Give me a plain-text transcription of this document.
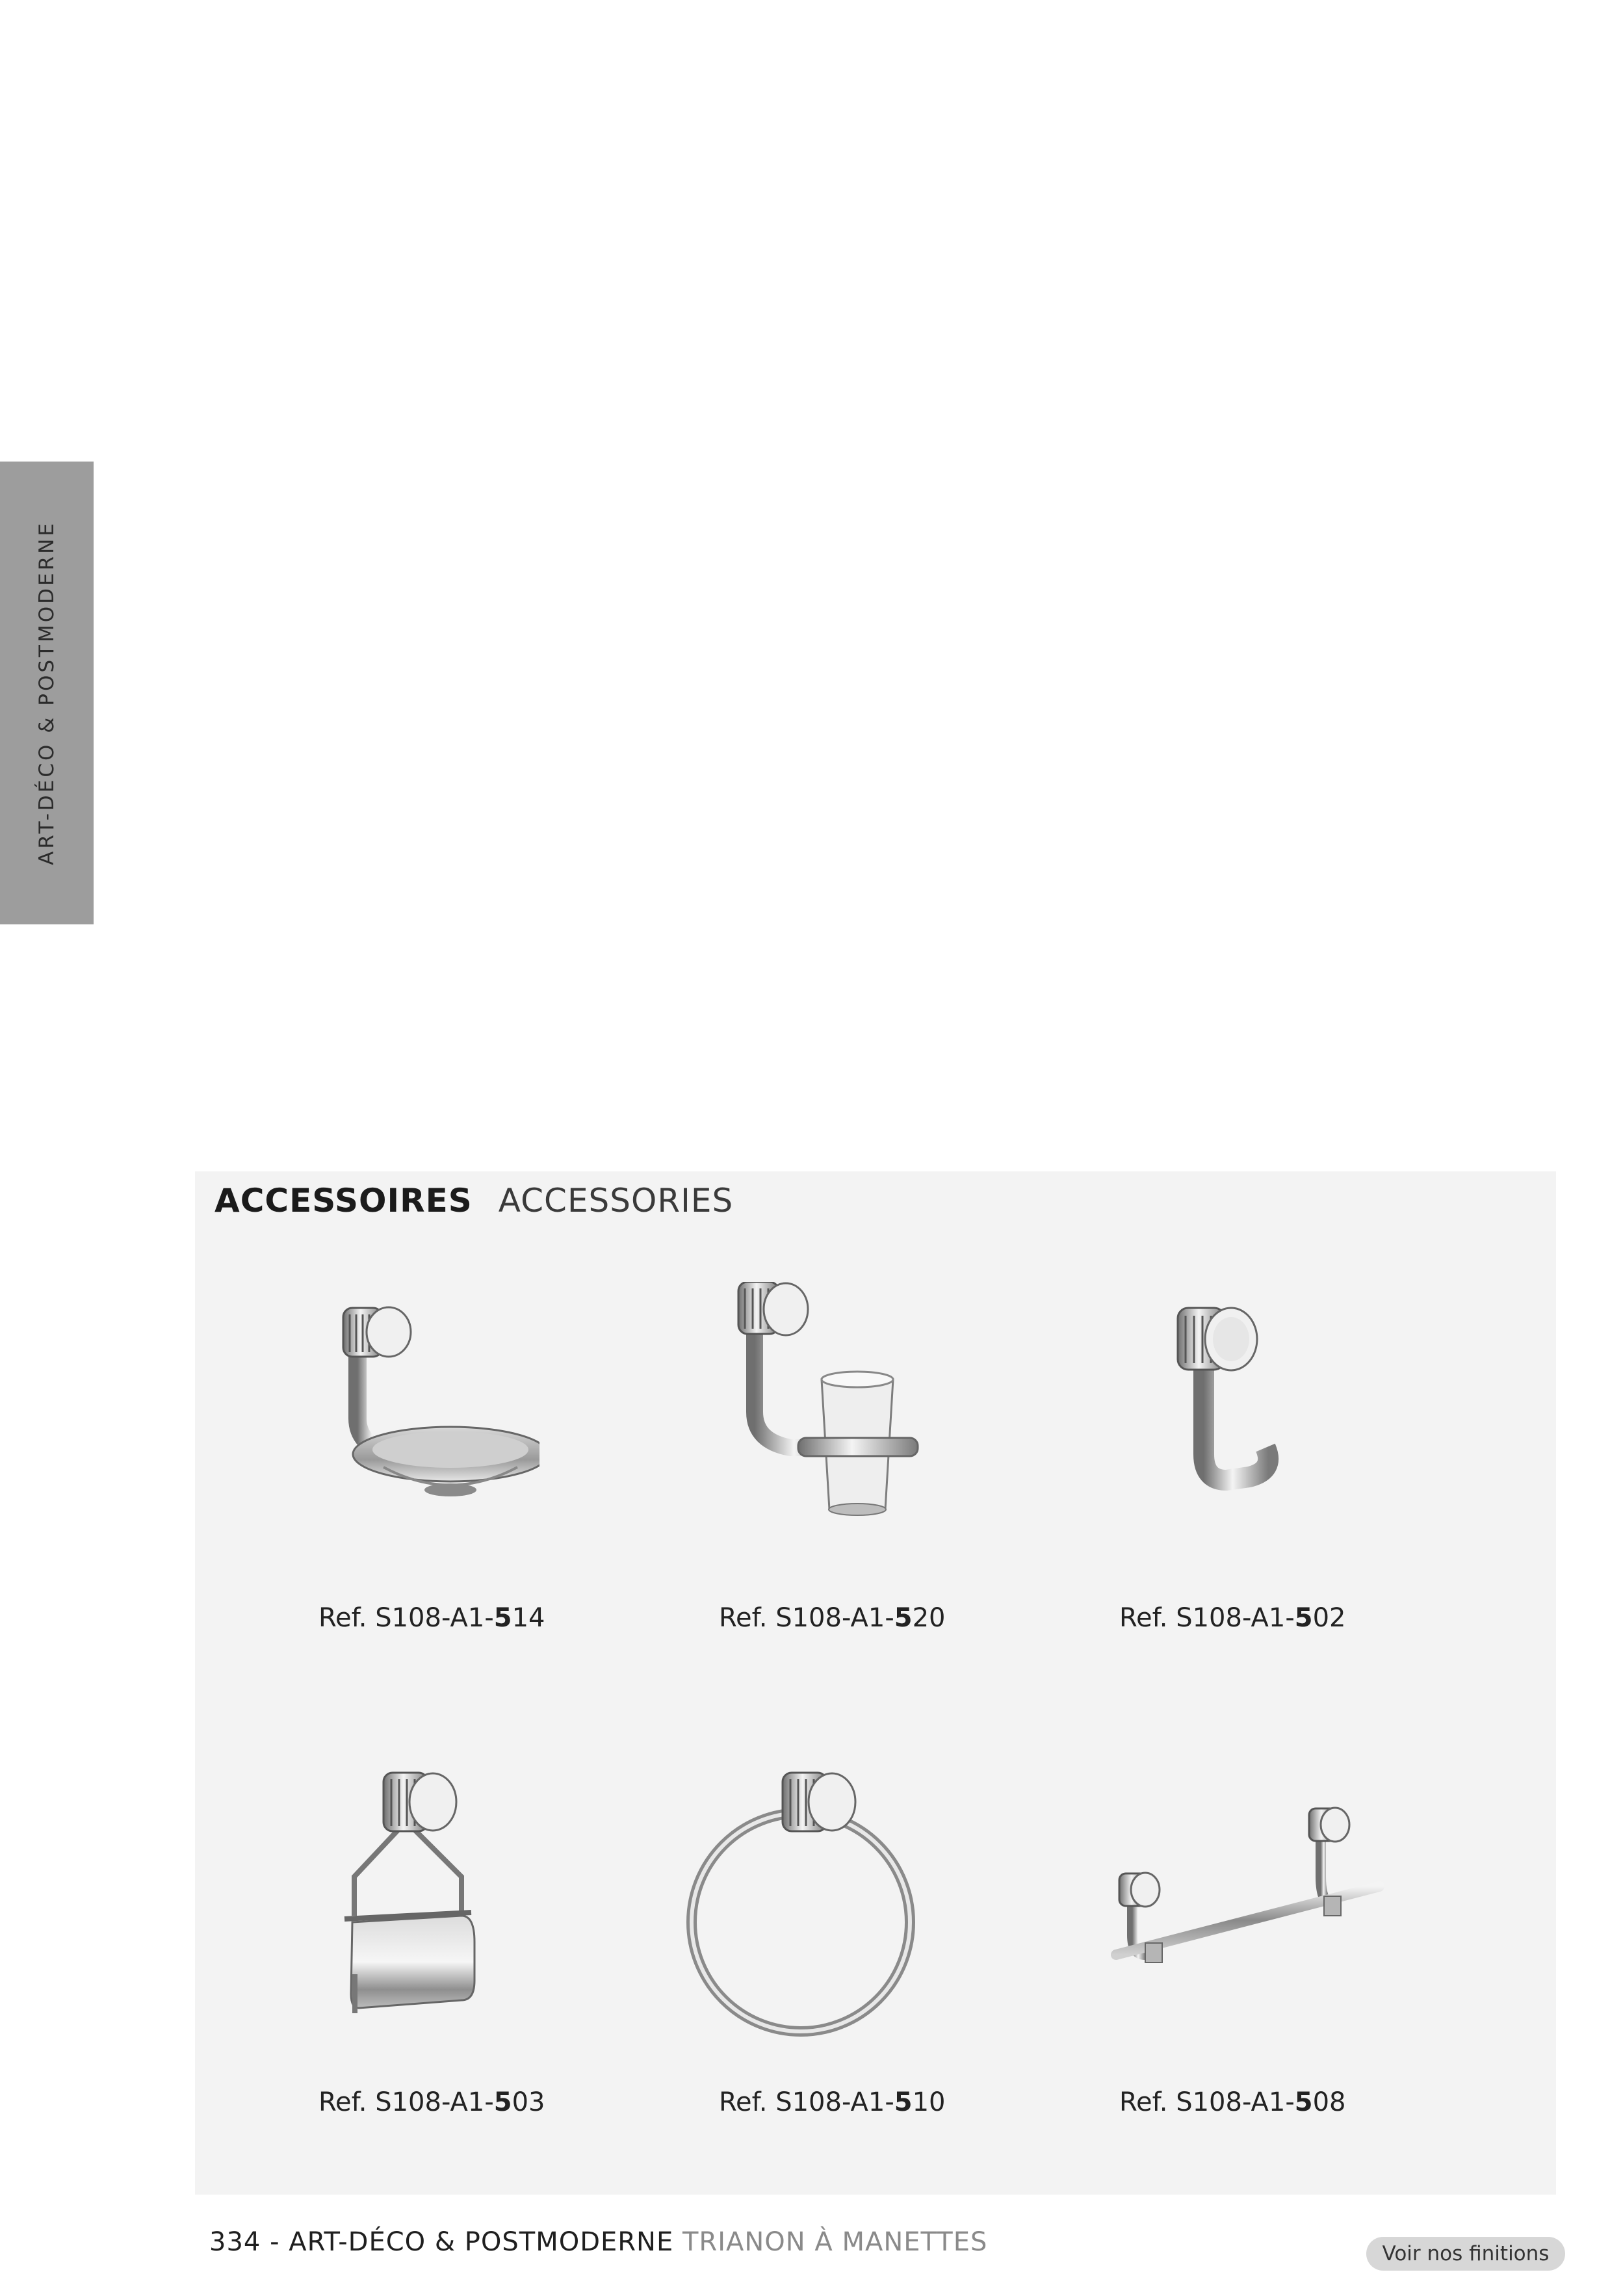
ART-DÉCO & POSTMODERNE
ACCESSOIRES ACCESSORIES
Ref. S108-A1-514	Ref. S108-A1-520	Ref. S108-A1-502
Ref. S108-A1-503	Ref. S108-A1-510	Ref. S108-A1-508
334 - ART-DÉCO & POSTMODERNE TRIANON À MANETTES	Voir nos finitions
